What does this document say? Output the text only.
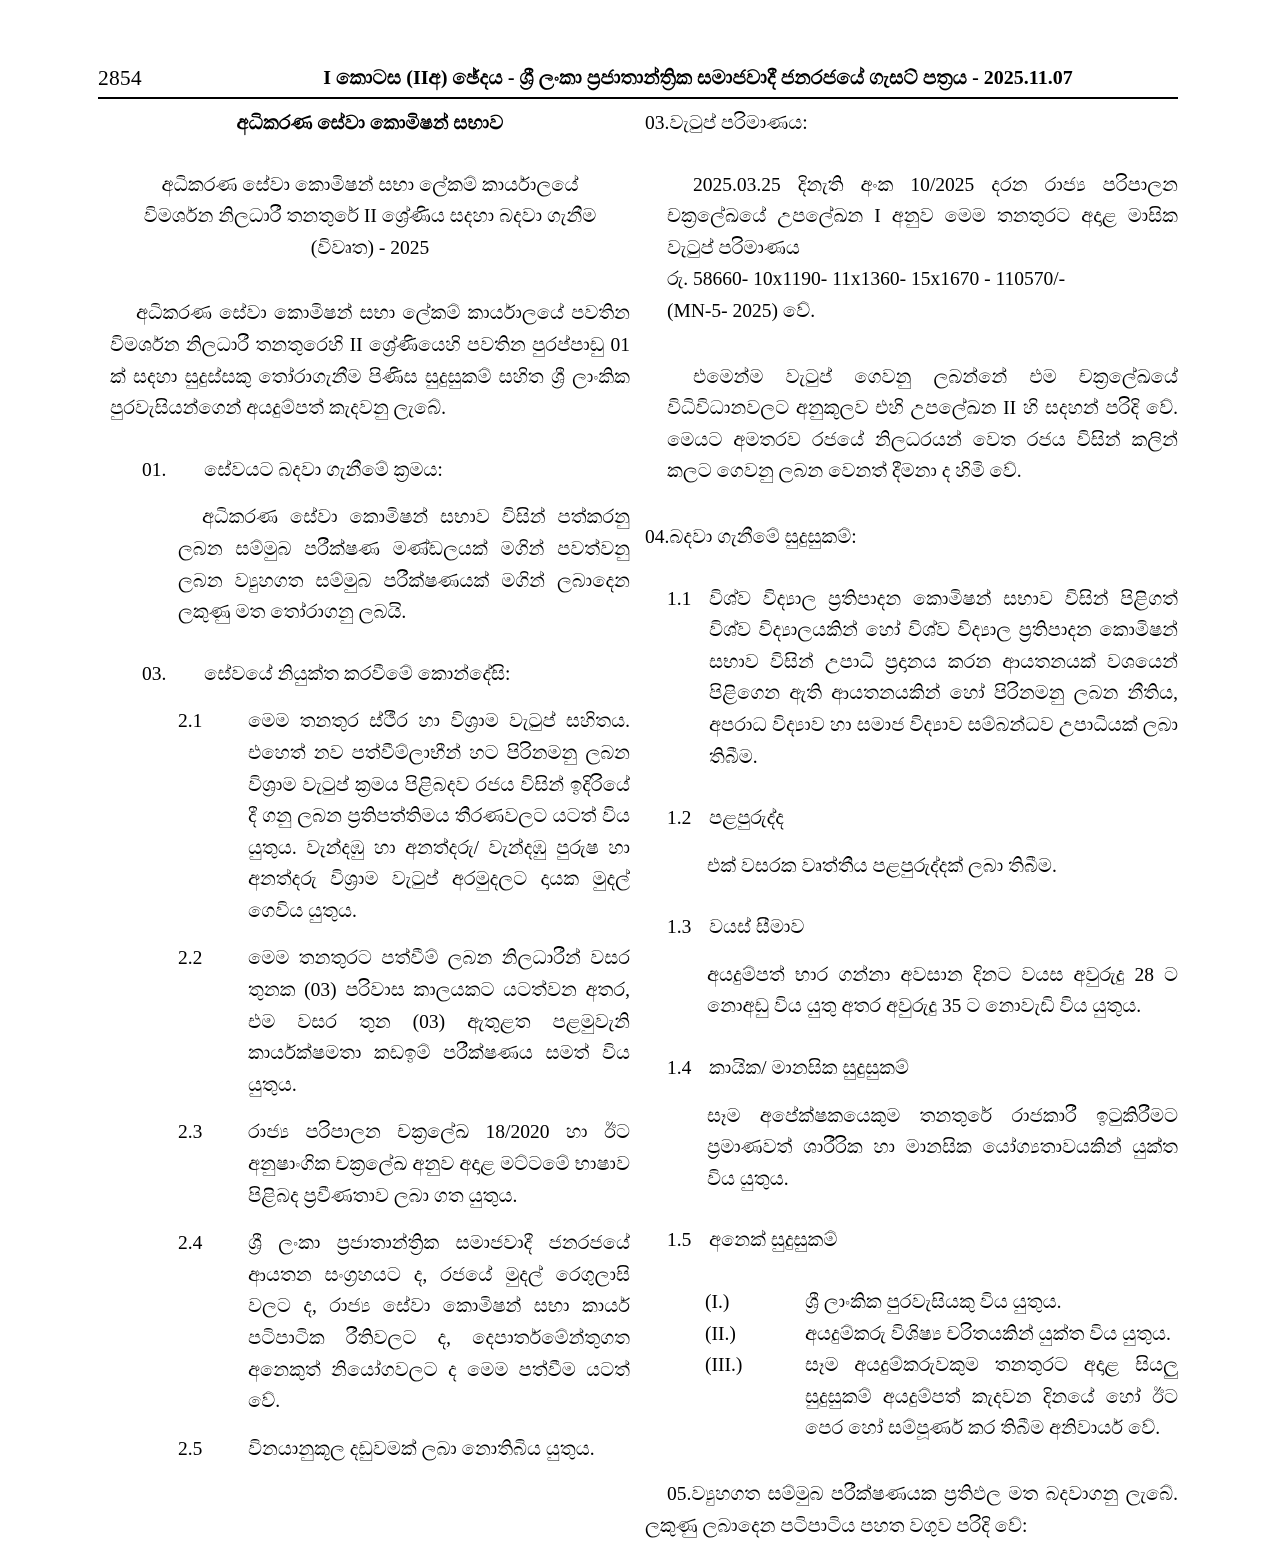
2854	I කොටස (IIඅ) ඡේදය - ශ්‍රී ලංකා ප්‍රජාතාන්ත්‍රික සමාජවාදී ජනරජයේ ගැසට් පත්‍රය - 2025.11.07

අධිකරණ සේවා කොමිෂන් සභාව

අධිකරණ සේවා කොමිෂන් සභා ලේකම් කාර්යාලයේ

විමර්ශන නිලධාරී තනතුරේ II ශ්‍රේණිය සදහා බදවා ගැනීම

(විවෘත) - 2025

අධිකරණ සේවා කොමිෂන් සභා ලේකම් කාර්යාලයේ පවතින විමර්ශන නිලධාරී තනතුරෙහි II ශ්‍රේණියෙහි පවතින පුරප්පාඩු 01 ක් සදහා සුදුස්සකු තෝරාගැනීම පිණිස සුදුසුකම් සහිත ශ්‍රී ලාංකික පුරවැසියන්ගෙන් අයදුම්පත් කැදවනු ලැබේ.

01.	සේවයට බදවා ගැනීමේ ක්‍රමය:

අධිකරණ සේවා කොමිෂන් සභාව විසින් පත්කරනු ලබන සම්මුබ පරීක්ෂණ මණ්ඩලයක් මගින් පවත්වනු ලබන ව්‍යුහගත සම්මුබ පරීක්ෂණයක් මගින් ලබාදෙන ලකුණු මත තෝරාගනු ලබයි.

03.	සේවයේ නියුක්ත කරවීමේ කොන්දේසි:
2.1	මෙම තනතුර ස්ථීර හා විශ්‍රාම වැටුප් සහිතය. එහෙත් නව පත්වීම්ලාභීන් හට පිරිනමනු ලබන විශ්‍රාම වැටුප් ක්‍රමය පිළිබදව රජය විසින් ඉදිරියේ දී ගනු ලබන ප්‍රතිපත්තිමය තීරණවලට යටත් විය යුතුය. වැන්දඹු හා අනත්දරු/ වැන්දඹු පුරුෂ හා අනත්දරු විශ්‍රාම වැටුප් අරමුදලට දායක මුදල් ගෙවිය යුතුය.
2.2	මෙම තනතුරට පත්වීම් ලබන නිලධාරීන් වසර තුනක (03) පරිවාස කාලයකට යටත්වන අතර, එම වසර තුන (03) ඇතුළත පළමුවැනි කාර්යක්ෂමතා කඩඉම් පරීක්ෂණය සමත් විය යුතුය.
2.3	රාජ්‍ය පරිපාලන චක්‍රලේඛ 18/2020 හා ඊට අනුෂාංගික චක්‍රලේඛ අනුව අදාළ මට්ටමේ භාෂාව පිළිබද ප්‍රවීණතාව ලබා ගත යුතුය.
2.4	ශ්‍රී ලංකා ප්‍රජාතාන්ත්‍රික සමාජවාදී ජනරජයේ ආයතන සංග්‍රහයට ද, රජයේ මුදල් රෙගුලාසි වලට ද, රාජ්‍ය සේවා කොමිෂන් සභා කාර්ය පටිපාටික රීතිවලට ද, දෙපාර්තමේන්තුගත අනෙකුත් නියෝගවලට ද මෙම පත්වීම යටත් වේ.
2.5	විනයානුකූල දඩුවමක් ලබා නොතිබිය යුතුය.

03.වැටුප් පරිමාණය:

2025.03.25 දිනැති අංක 10/2025 දරන රාජ්‍ය පරිපාලන චක්‍රලේඛයේ උපලේඛන I අනුව මෙම තනතුරට අදාළ මාසික වැටුප් පරිමාණය

රු. 58660- 10x1190- 11x1360- 15x1670 - 110570/-

(MN-5- 2025) වේ.

එමෙන්ම වැටුප් ගෙවනු ලබන්නේ එම චක්‍රලේඛයේ විධිවිධානවලට අනුකූලව එහි උපලේඛන II හි සදහන් පරිදි වේ. මෙයට අමතරව රජයේ නිලධරයන් වෙත රජය විසින් කලින් කලට ගෙවනු ලබන වෙනත් දීමනා ද හිමි වේ.

04.බදවා ගැනීමේ සුදුසුකම්:

1.1 විශ්ව විද්‍යාල ප්‍රතිපාදන කොමිෂන් සභාව විසින් පිළිගත් විශ්ව විද්‍යාලයකින් හෝ විශ්ව විද්‍යාල ප්‍රතිපාදන කොමිෂන් සභාව විසින් උපාධි ප්‍රදානය කරන ආයතනයක් වශයෙන් පිළිගෙන ඇති ආයතනයකින් හෝ පිරිනමනු ලබන නීතිය, අපරාධ විද්‍යාව හා සමාජ විද්‍යාව සම්බන්ධව උපාධියක් ලබා තිබීම.
1.2 පළපුරුද්ද

එක් වසරක වෘත්තීය පළපුරුද්දක් ලබා තිබීම.

1.3 වයස් සීමාව

අයදුම්පත් භාර ගන්නා අවසාන දිනට වයස අවුරුදු 28 ට නොඅඩු විය යුතු අතර අවුරුදු 35 ට නොවැඩි විය යුතුය.

1.4 කායික/ මානසික සුදුසුකම්

සෑම අපේක්ෂකයෙකුම තනතුරේ රාජකාරී ඉටුකිරීමට ප්‍රමාණවත් ශාරීරික හා මානසික යෝග්‍යතාවයකින් යුක්ත විය යුතුය.

1.5 අනෙක් සුදුසුකම්
(I.)	ශ්‍රී ලාංකික පුරවැසියකු විය යුතුය.
(II.)	අයදුම්කරු විශිෂ්‍ය චරිතයකින් යුක්ත විය යුතුය.
(III.)	සෑම අයදුම්කරුවකුම තනතුරට අදාළ සියලු සුදුසුකම් අයදුම්පත් කැදවන දිනයේ හෝ ඊට පෙර හෝ සම්පූර්ණ කර තිබීම අනිවාර්ය වේ.

05.ව්‍යුහගත සම්මුබ පරීක්ෂණයක ප්‍රතිඵල මත බදවාගනු ලැබේ. ලකුණු ලබාදෙන පටිපාටිය පහත වගුව පරිදි වේ:
